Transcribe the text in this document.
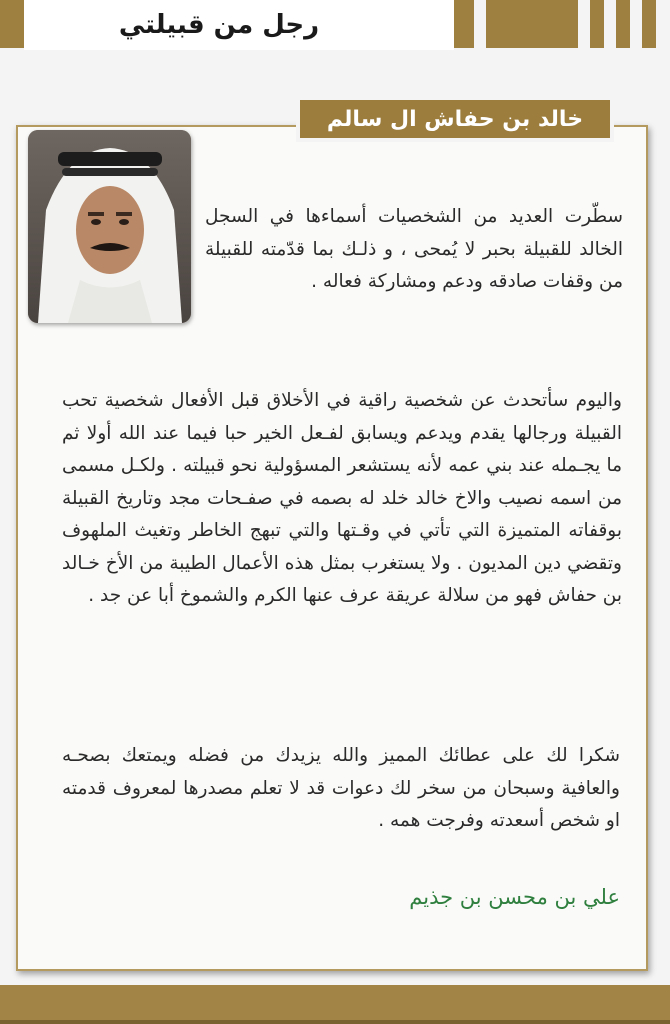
رجل من قبيلتي
خالد بن حفاش ال سالم

سطّرت العديد من الشخصيات أسماءها في السجل الخالد للقبيلة بحبر لا يُمحى ، و ذلـك بما قدّمته للقبيلة من وقفات صادقه ودعم ومشاركة فعاله .

واليوم سأتحدث عن شخصية راقية في الأخلاق قبل الأفعال شخصية تحب القبيلة ورجالها يقدم ويدعم ويسابق لفـعل الخير حبا فيما عند الله أولا ثم ما يجـمله عند بني عمه لأنه يستشعر المسؤولية نحو قبيلته . ولكـل مسمى من اسمه نصيب والاخ خالد خلد له بصمه في صفـحات مجد وتاريخ القبيلة بوقفاته المتميزة التي تأتي في وقـتها والتي تبهج الخاطر وتغيث الملهوف وتقضي دين المديون . ولا يستغرب بمثل هذه الأعمال الطيبة من الأخ خـالد بن حفاش فهو من سلالة عريقة عرف عنها الكرم والشموخ أبا عن جد .

شكرا لك على عطائك المميز والله يزيدك من فضله ويمتعك بصحـه والعافية وسبحان من سخر لك دعوات قد لا تعلم مصدرها لمعروف قدمته او شخص أسعدته وفرجت همه .

علي بن محسن بن جذيم
